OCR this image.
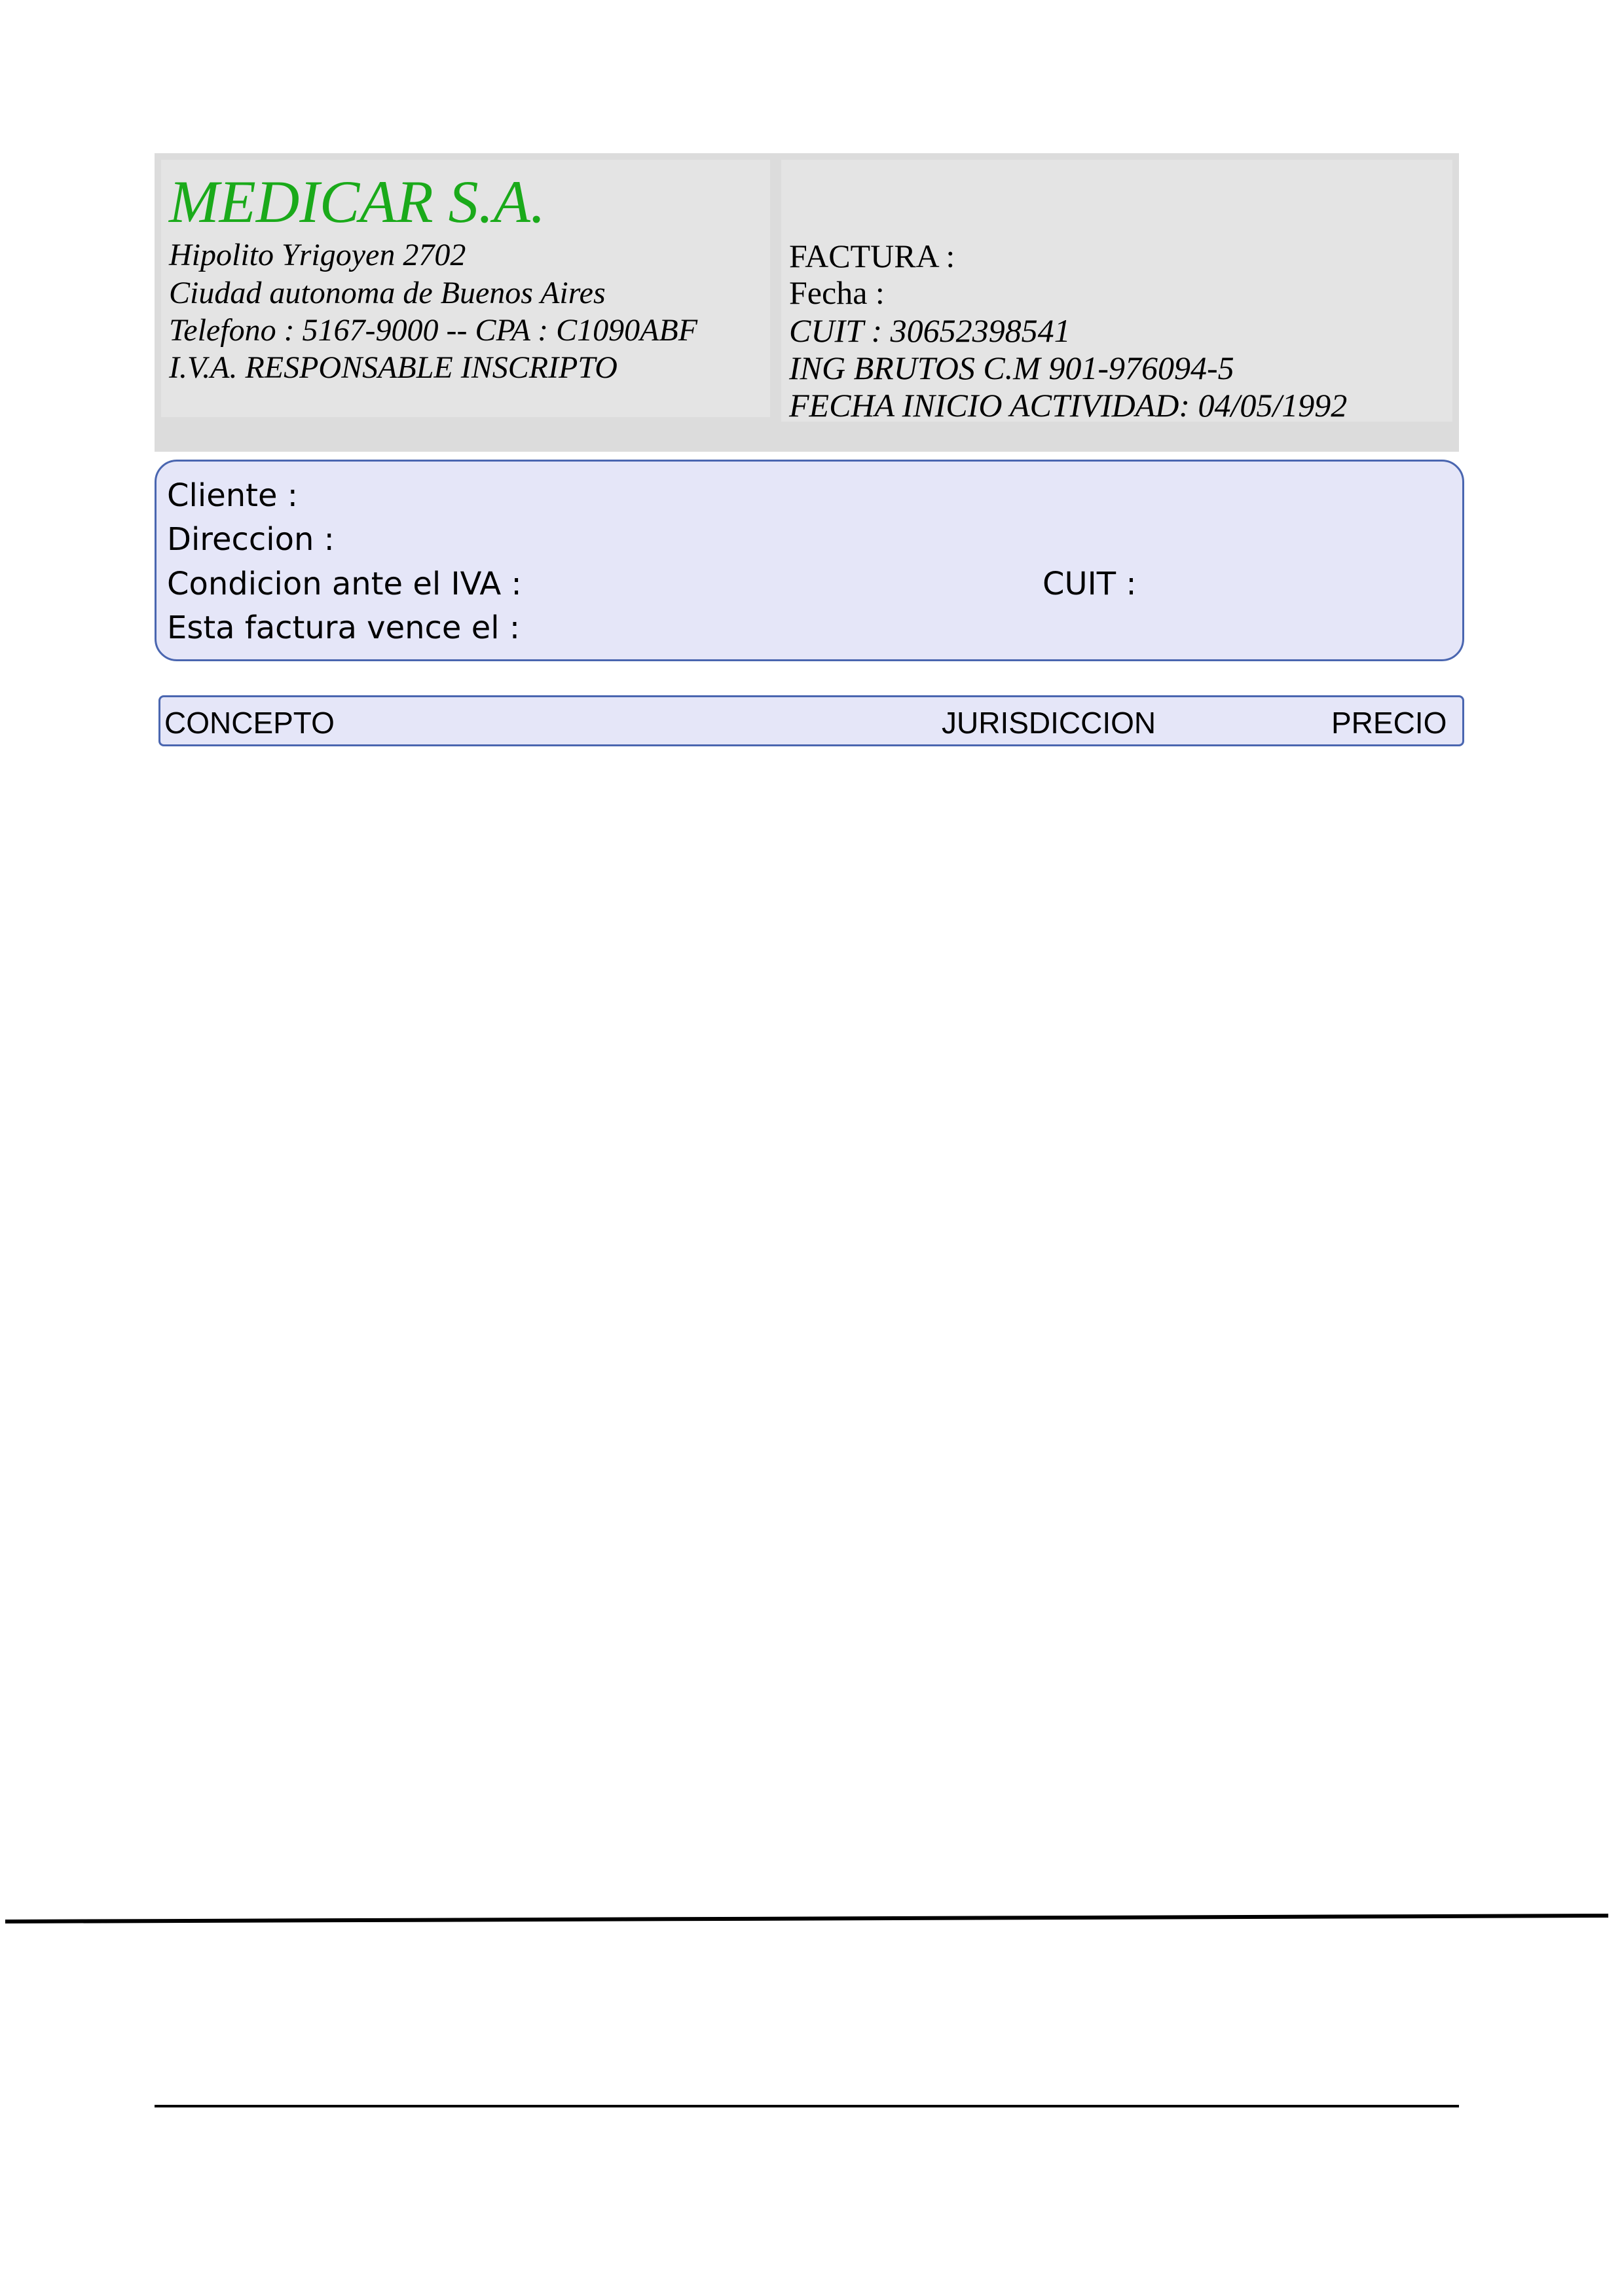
MEDICAR S.A.
Hipolito Yrigoyen 2702
Ciudad autonoma de Buenos Aires
Telefono : 5167-9000 -- CPA : C1090ABF
I.V.A. RESPONSABLE INSCRIPTO
FACTURA :
Fecha :
CUIT : 30652398541
ING BRUTOS C.M 901-976094-5
FECHA INICIO ACTIVIDAD: 04/05/1992
Cliente :
Direccion :
Condicion ante el IVA :	CUIT :
Esta factura vence el :
CONCEPTO	JURISDICCION	PRECIO
